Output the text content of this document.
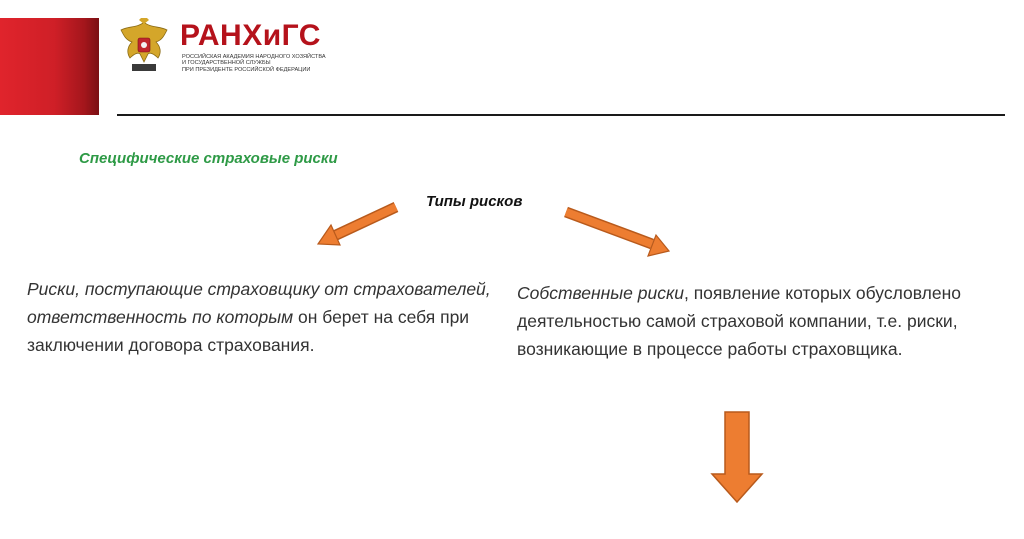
РАНХиГС
РОССИЙСКАЯ АКАДЕМИЯ НАРОДНОГО ХОЗЯЙСТВА
И ГОСУДАРСТВЕННОЙ СЛУЖБЫ
ПРИ ПРЕЗИДЕНТЕ РОССИЙСКОЙ ФЕДЕРАЦИИ
Специфические страховые риски
Типы рисков
Риски, поступающие страховщику от страхователей, ответственность по которым он берет на себя при заключении договора страхования.
Собственные риски, появление которых обусловлено деятельностью самой страховой компании, т.е. риски, возникающие в процессе работы страховщика.
